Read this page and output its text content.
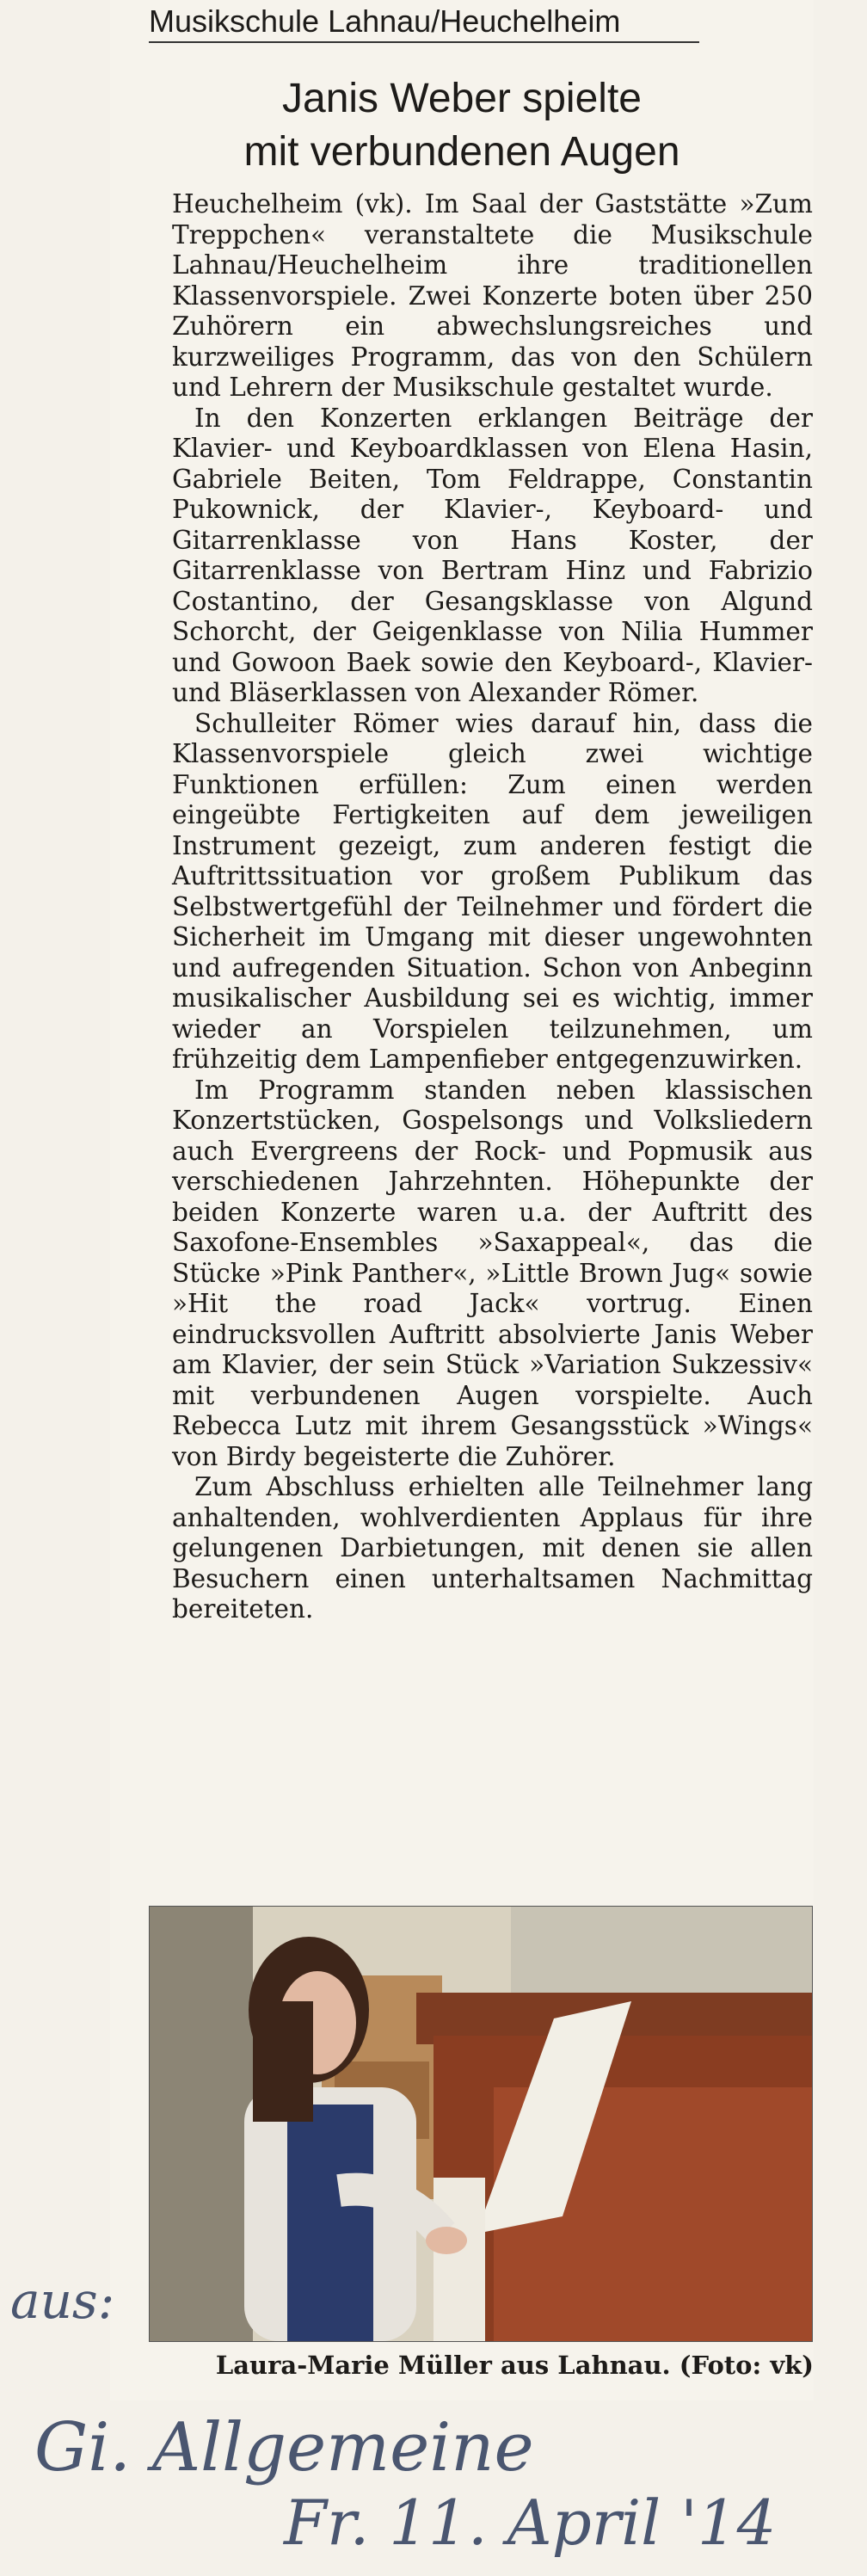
Musikschule Lahnau/Heuchelheim
Janis Weber spielte
mit verbundenen Augen

Heuchelheim (vk). Im Saal der Gaststätte »Zum Treppchen« veranstaltete die Musikschule Lahnau/Heuchelheim ihre traditionellen Klassenvorspiele. Zwei Konzerte boten über 250 Zuhörern ein abwechslungsreiches und kurzweiliges Programm, das von den Schülern und Lehrern der Musikschule gestaltet wurde.

In den Konzerten erklangen Beiträge der Klavier- und Keyboardklassen von Elena Hasin, Gabriele Beiten, Tom Feldrappe, Constantin Pukownick, der Klavier-, Keyboard- und Gitarrenklasse von Hans Koster, der Gitarrenklasse von Bertram Hinz und Fabrizio Costantino, der Gesangsklasse von Algund Schorcht, der Geigenklasse von Nilia Hummer und Gowoon Baek sowie den Keyboard-, Klavier- und Bläserklassen von Alexander Römer.

Schulleiter Römer wies darauf hin, dass die Klassenvorspiele gleich zwei wichtige Funktionen erfüllen: Zum einen werden eingeübte Fertigkeiten auf dem jeweiligen Instrument gezeigt, zum anderen festigt die Auftrittssituation vor großem Publikum das Selbstwertgefühl der Teilnehmer und fördert die Sicherheit im Umgang mit dieser ungewohnten und aufregenden Situation. Schon von Anbeginn musikalischer Ausbildung sei es wichtig, immer wieder an Vorspielen teilzunehmen, um frühzeitig dem Lampenfieber entgegenzuwirken.

Im Programm standen neben klassischen Konzertstücken, Gospelsongs und Volksliedern auch Evergreens der Rock- und Popmusik aus verschiedenen Jahrzehnten. Höhepunkte der beiden Konzerte waren u.a. der Auftritt des Saxofone-Ensembles »Saxappeal«, das die Stücke »Pink Panther«, »Little Brown Jug« sowie »Hit the road Jack« vortrug. Einen eindrucksvollen Auftritt absolvierte Janis Weber am Klavier, der sein Stück »Variation Sukzessiv« mit verbundenen Augen vorspielte. Auch Rebecca Lutz mit ihrem Gesangsstück »Wings« von Birdy begeisterte die Zuhörer.

Zum Abschluss erhielten alle Teilnehmer lang anhaltenden, wohlverdienten Applaus für ihre gelungenen Darbietungen, mit denen sie allen Besuchern einen unterhaltsamen Nachmittag bereiteten.

Laura-Marie Müller aus Lahnau. (Foto: vk)
aus:
Gi. Allgemeine
Fr. 11. April '14
